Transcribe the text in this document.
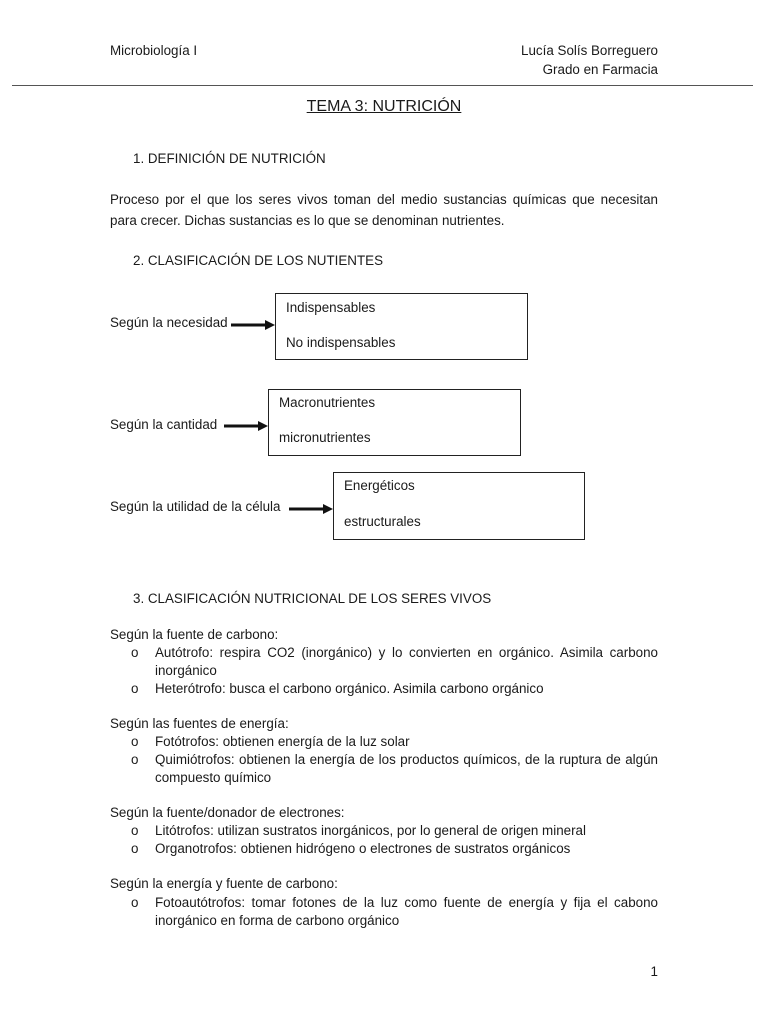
Microbiología I	Lucía Solís Borreguero
Grado en Farmacia
TEMA 3: NUTRICIÓN
1. DEFINICIÓN DE NUTRICIÓN
Proceso por el que los seres vivos toman del medio sustancias químicas que necesitan para crecer. Dichas sustancias es lo que se denominan nutrientes.
2. CLASIFICACIÓN DE LOS NUTIENTES
Según la necesidad
Indispensables
No indispensables
Según la cantidad
Macronutrientes
micronutrientes
Según la utilidad de la célula
Energéticos
estructurales
3. CLASIFICACIÓN NUTRICIONAL DE LOS SERES VIVOS
Según la fuente de carbono:
o	Autótrofo: respira CO2 (inorgánico) y lo convierten en orgánico. Asimila carbono inorgánico
o	Heterótrofo: busca el carbono orgánico. Asimila carbono orgánico
Según las fuentes de energía:
o	Fotótrofos: obtienen energía de la luz solar
o	Quimiótrofos: obtienen la energía de los productos químicos, de la ruptura de algún compuesto químico
Según la fuente/donador de electrones:
o	Litótrofos: utilizan sustratos inorgánicos, por lo general de origen mineral
o	Organotrofos: obtienen hidrógeno o electrones de sustratos orgánicos
Según la energía y fuente de carbono:
o	Fotoautótrofos: tomar fotones de la luz como fuente de energía y fija el cabono inorgánico en forma de carbono orgánico
1
